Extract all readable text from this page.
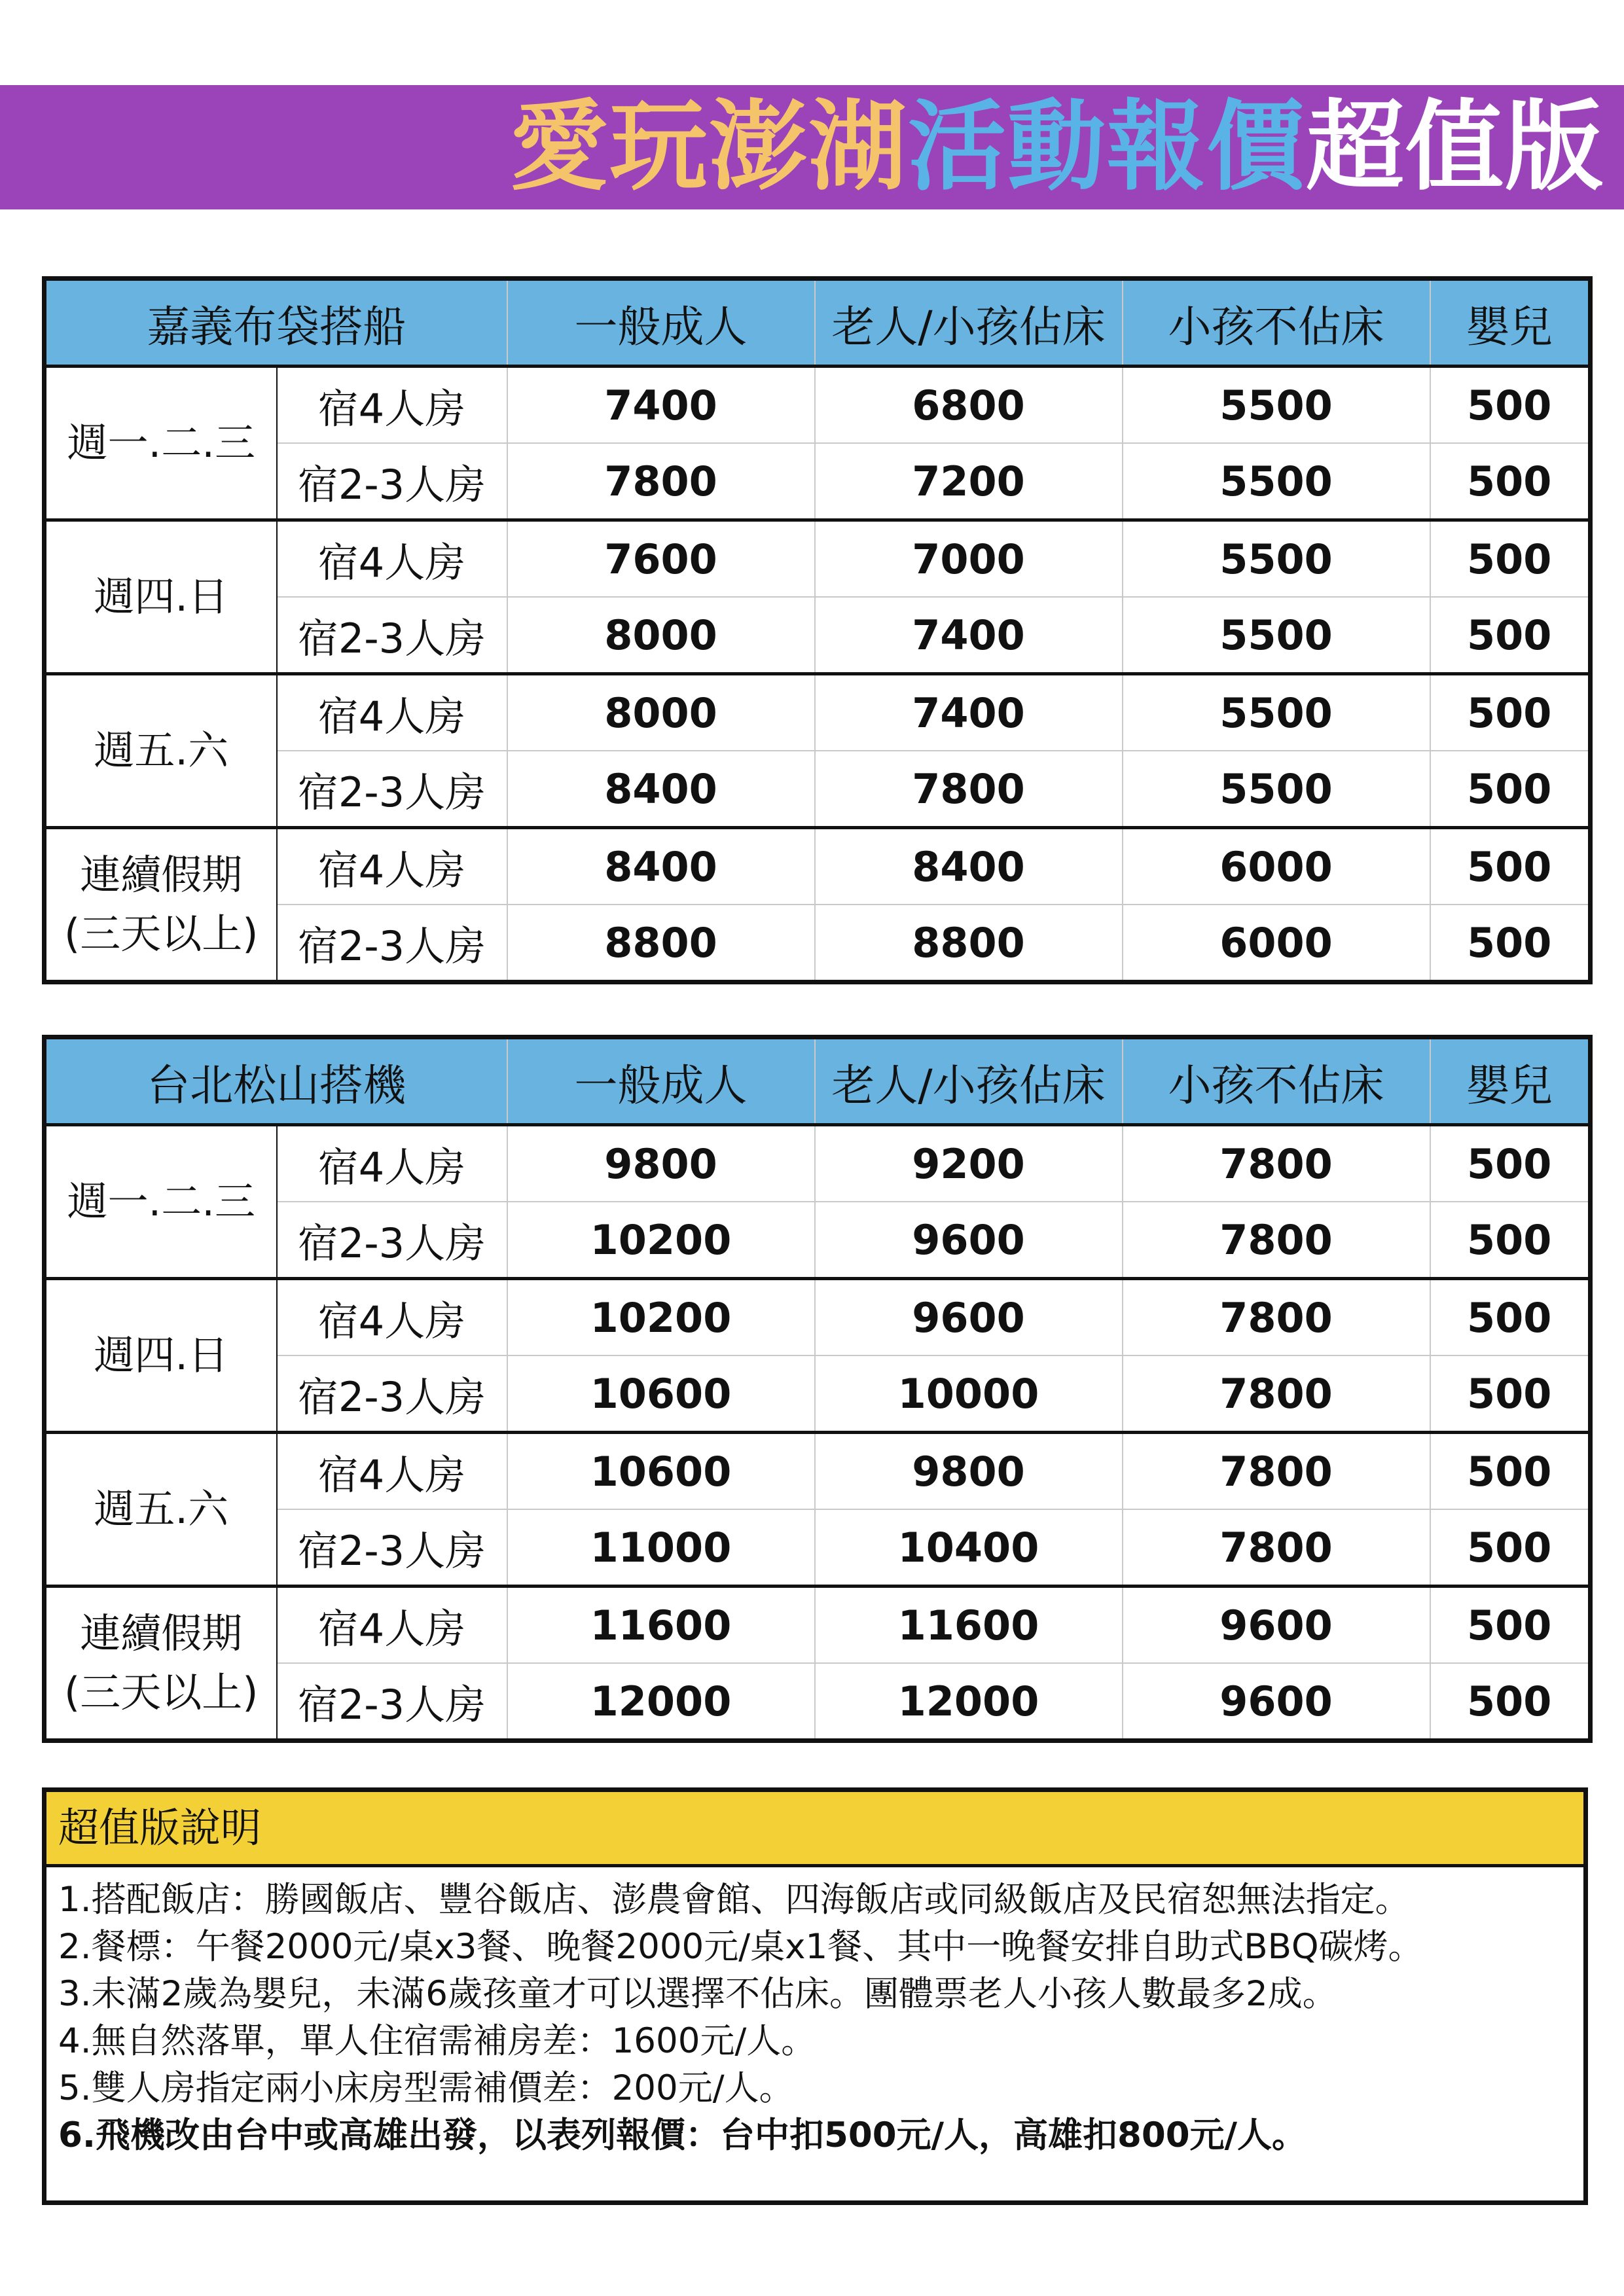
愛玩澎湖 活動報價 超值版
嘉義布袋搭船		一般成人	老人/小孩佔床	小孩不佔床	嬰兒

週一.二.三	宿4人房	7400	6800	5500	500
	宿2-3人房	7800	7200	5500	500

週四.日	宿4人房	7600	7000	5500	500
	宿2-3人房	8000	7400	5500	500

週五.六	宿4人房	8000	7400	5500	500
	宿2-3人房	8400	7800	5500	500

連續假期
(三天以上)	宿4人房	8400	8400	6000	500
	宿2-3人房	8800	8800	6000	500
台北松山搭機		一般成人	老人/小孩佔床	小孩不佔床	嬰兒

週一.二.三	宿4人房	9800	9200	7800	500
	宿2-3人房	10200	9600	7800	500

週四.日	宿4人房	10200	9600	7800	500
	宿2-3人房	10600	10000	7800	500

週五.六	宿4人房	10600	9800	7800	500
	宿2-3人房	11000	10400	7800	500

連續假期
(三天以上)	宿4人房	11600	11600	9600	500
	宿2-3人房	12000	12000	9600	500
超值版說明
1.搭配飯店：勝國飯店、豐谷飯店、澎農會館、四海飯店或同級飯店及民宿恕無法指定。
2.餐標：午餐2000元/桌x3餐、晚餐2000元/桌x1餐、其中一晚餐安排自助式BBQ碳烤。
3.未滿2歲為嬰兒，未滿6歲孩童才可以選擇不佔床。團體票老人小孩人數最多2成。
4.無自然落單，單人住宿需補房差：1600元/人。
5.雙人房指定兩小床房型需補價差：200元/人。
6.飛機改由台中或高雄出發，以表列報價：台中扣500元/人，高雄扣800元/人。
